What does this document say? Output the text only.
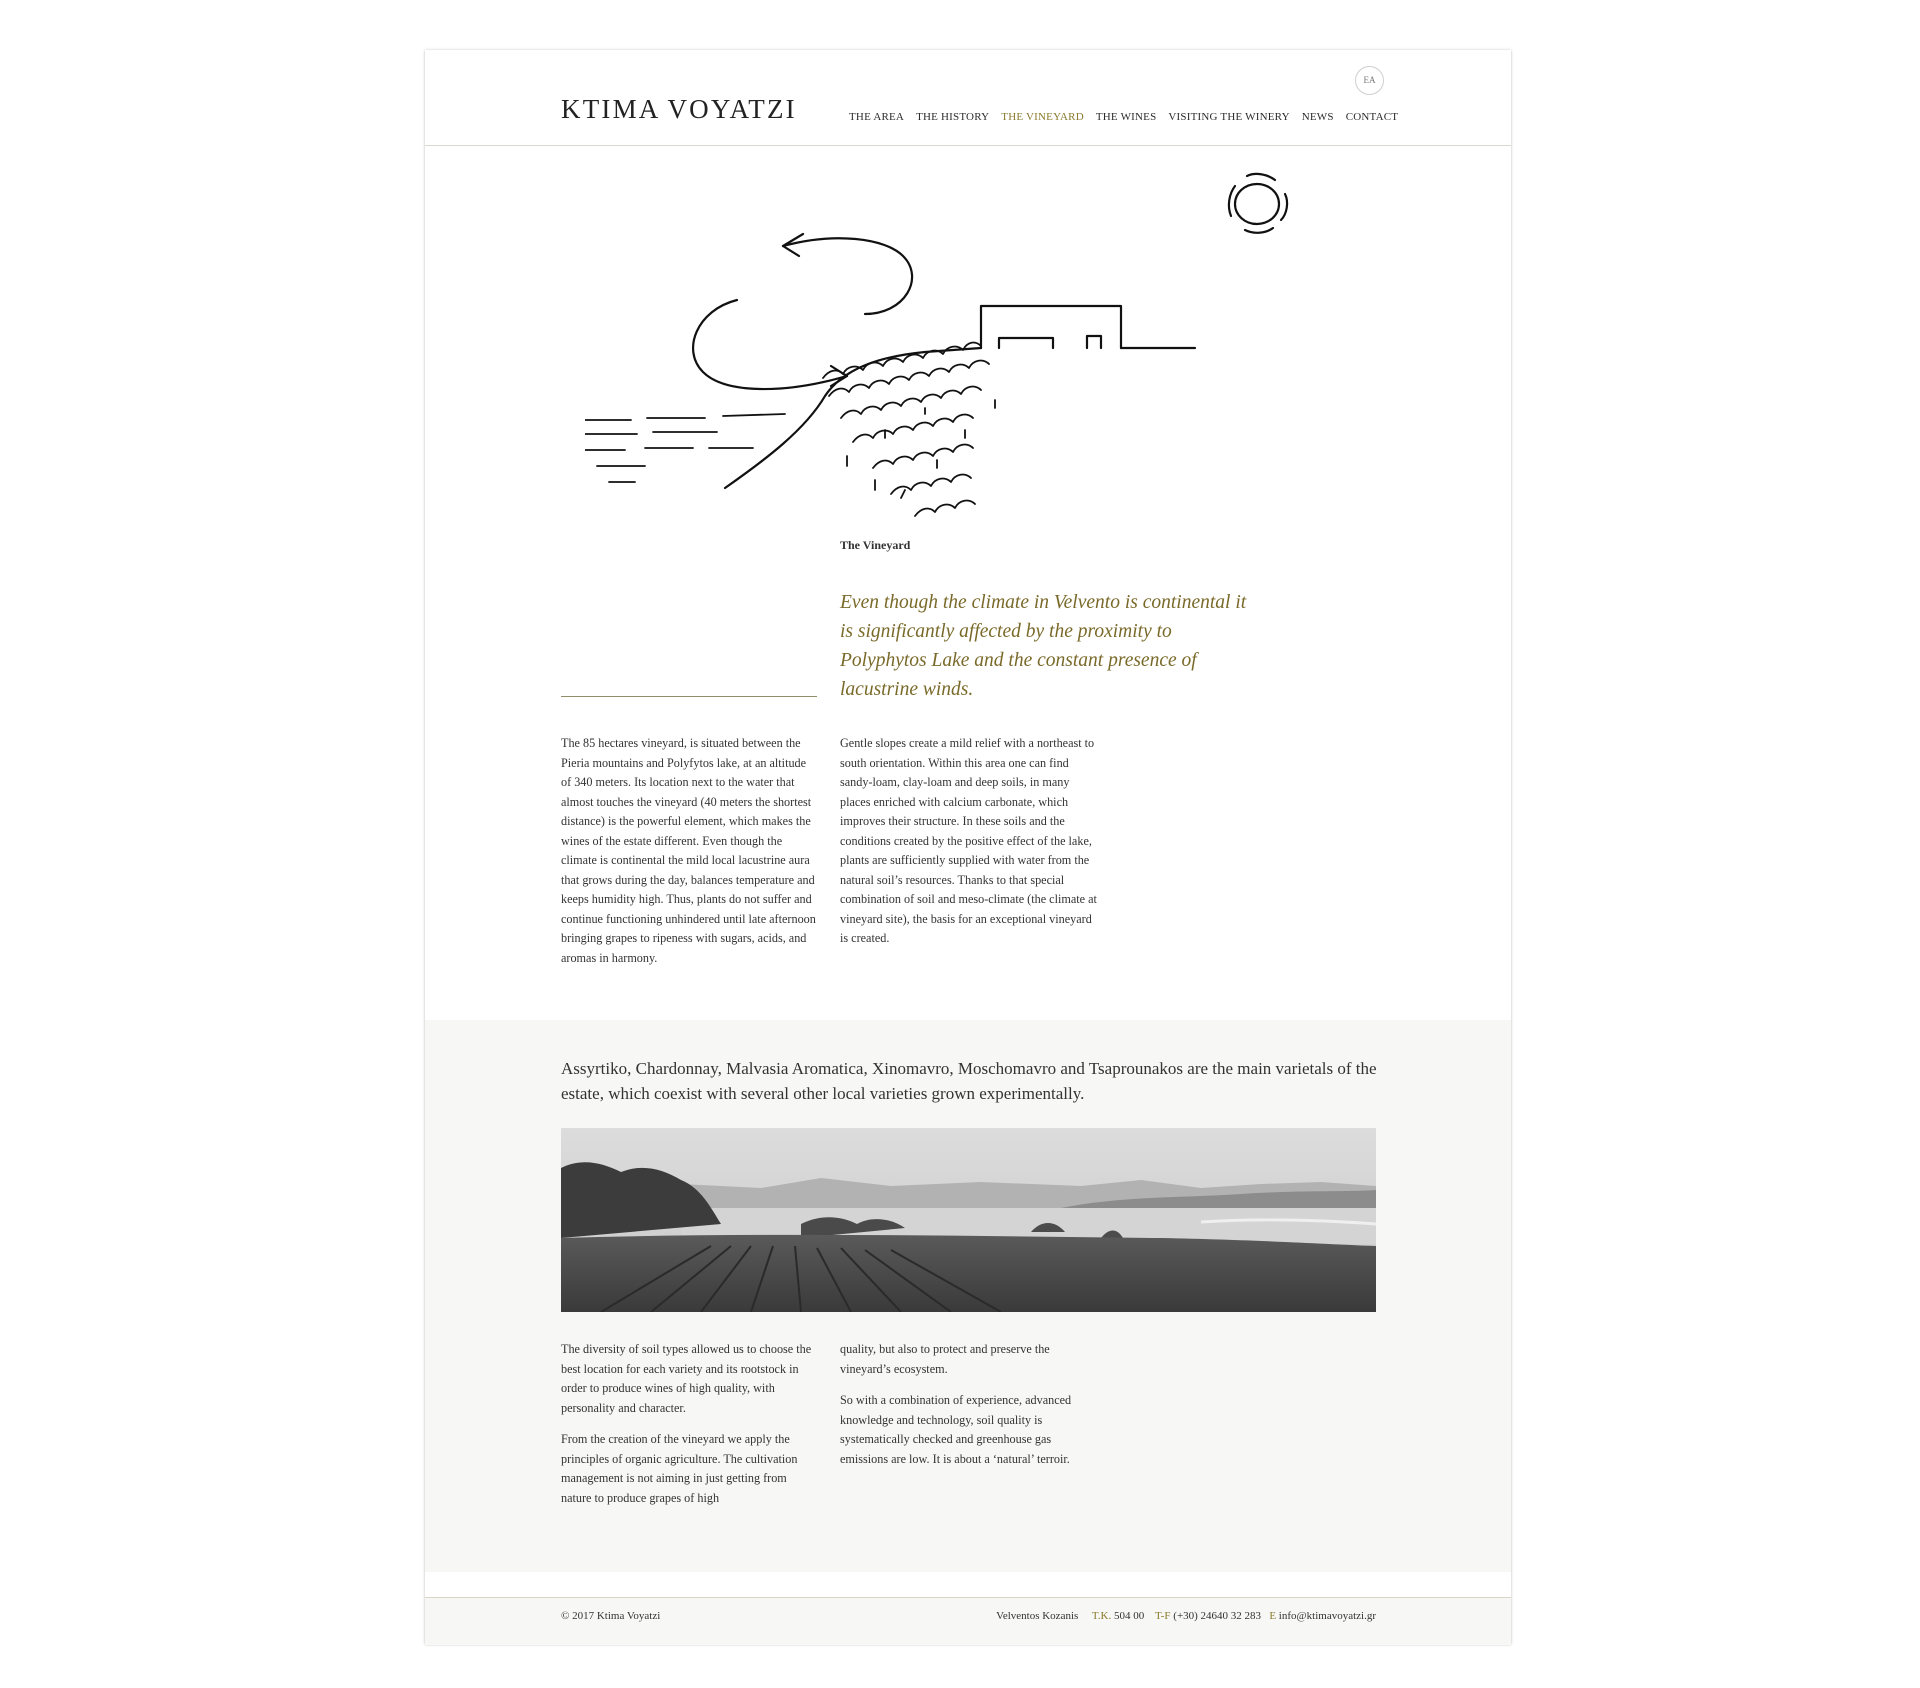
KTIMA VOYATZI
EA
THE AREA THE HISTORY THE VINEYARD THE WINES VISITING THE WINERY NEWS CONTACT
The Vineyard
Even though the climate in Velvento is continental it is significantly affected by the proximity to Polyphytos Lake and the constant presence of lacustrine winds.

The 85 hectares vineyard, is situated between the Pieria mountains and Polyfytos lake, at an altitude of 340 meters. Its location next to the water that almost touches the vineyard (40 meters the shortest distance) is the powerful element, which makes the wines of the estate different. Even though the climate is continental the mild local lacustrine aura that grows during the day, balances temperature and keeps humidity high. Thus, plants do not suffer and continue functioning unhindered until late afternoon bringing grapes to ripeness with sugars, acids, and aromas in harmony.

Gentle slopes create a mild relief with a northeast to south orientation. Within this area one can find sandy-loam, clay-loam and deep soils, in many places enriched with calcium carbonate, which improves their structure. In these soils and the conditions created by the positive effect of the lake, plants are sufficiently supplied with water from the natural soil’s resources. Thanks to that special combination of soil and meso-climate (the climate at vineyard site), the basis for an exceptional vineyard is created.

Assyrtiko, Chardonnay, Malvasia Aromatica, Xinomavro, Moschomavro and Tsaprounakos are the main varietals of the estate, which coexist with several other local varieties grown experimentally.

The diversity of soil types allowed us to choose the best location for each variety and its rootstock in order to produce wines of high quality, with personality and character.

From the creation of the vineyard we apply the principles of organic agriculture. The cultivation management is not aiming in just getting from nature to produce grapes of high

quality, but also to protect and preserve the vineyard’s ecosystem.

So with a combination of experience, advanced knowledge and technology, soil quality is systematically checked and greenhouse gas emissions are low. It is about a ‘natural’ terroir.

© 2017 Ktima Voyatzi	Velventos Kozanis T.K. 504 00 T-F (+30) 24640 32 283 E info@ktimavoyatzi.gr
